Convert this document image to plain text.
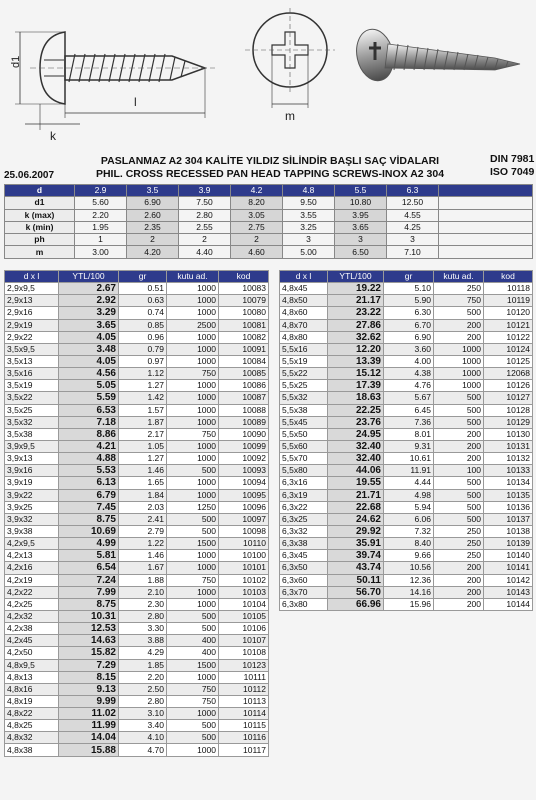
d1
l
k
m
PASLANMAZ A2 304 KALİTE YILDIZ SİLİNDİR BAŞLI SAÇ VİDALARI
PHIL. CROSS RECESSED PAN HEAD TAPPING SCREWS-INOX A2 304
25.06.2007
DIN 7981
ISO 7049
d	2.9	3.5	3.9	4.2	4.8	5.5	6.3	
d1	5.60	6.90	7.50	8.20	9.50	10.80	12.50	
k (max)	2.20	2.60	2.80	3.05	3.55	3.95	4.55	
k (min)	1.95	2.35	2.55	2.75	3.25	3.65	4.25	
ph	1	2	2	2	3	3	3	
m	3.00	4.20	4.40	4.60	5.00	6.50	7.10	
d x l	YTL/100	gr	kutu ad.	kod
2,9x9,5	2.67	0.51	1000	10083
2,9x13	2.92	0.63	1000	10079
2,9x16	3.29	0.74	1000	10080
2,9x19	3.65	0.85	2500	10081
2,9x22	4.05	0.96	1000	10082
3,5x9,5	3.48	0.79	1000	10091
3,5x13	4.05	0.97	1000	10084
3,5x16	4.56	1.12	750	10085
3,5x19	5.05	1.27	1000	10086
3,5x22	5.59	1.42	1000	10087
3,5x25	6.53	1.57	1000	10088
3,5x32	7.18	1.87	1000	10089
3,5x38	8.86	2.17	750	10090
3,9x9,5	4.21	1.05	1000	10099
3,9x13	4.88	1.27	1000	10092
3,9x16	5.53	1.46	500	10093
3,9x19	6.13	1.65	1000	10094
3,9x22	6.79	1.84	1000	10095
3,9x25	7.45	2.03	1250	10096
3,9x32	8.75	2.41	500	10097
3,9x38	10.69	2.79	500	10098
4,2x9,5	4.99	1.22	1500	10110
4,2x13	5.81	1.46	1000	10100
4,2x16	6.54	1.67	1000	10101
4,2x19	7.24	1.88	750	10102
4,2x22	7.99	2.10	1000	10103
4,2x25	8.75	2.30	1000	10104
4,2x32	10.31	2.80	500	10105
4,2x38	12.53	3.30	500	10106
4,2x45	14.63	3.88	400	10107
4,2x50	15.82	4.29	400	10108
4,8x9,5	7.29	1.85	1500	10123
4,8x13	8.15	2.20	1000	10111
4,8x16	9.13	2.50	750	10112
4,8x19	9.99	2.80	750	10113
4,8x22	11.02	3.10	1000	10114
4,8x25	11.99	3.40	500	10115
4,8x32	14.04	4.10	500	10116
4,8x38	15.88	4.70	1000	10117
d x l	YTL/100	gr	kutu ad.	kod
4,8x45	19.22	5.10	250	10118
4,8x50	21.17	5.90	750	10119
4,8x60	23.22	6.30	500	10120
4,8x70	27.86	6.70	200	10121
4,8x80	32.62	6.90	200	10122
5,5x16	12.20	3.60	1000	10124
5,5x19	13.39	4.00	1000	10125
5,5x22	15.12	4.38	1000	12068
5,5x25	17.39	4.76	1000	10126
5,5x32	18.63	5.67	500	10127
5,5x38	22.25	6.45	500	10128
5,5x45	23.76	7.36	500	10129
5,5x50	24.95	8.01	200	10130
5,5x60	32.40	9.31	200	10131
5,5x70	32.40	10.61	200	10132
5,5x80	44.06	11.91	100	10133
6,3x16	19.55	4.44	500	10134
6,3x19	21.71	4.98	500	10135
6,3x22	22.68	5.94	500	10136
6,3x25	24.62	6.06	500	10137
6,3x32	29.92	7.32	250	10138
6,3x38	35.91	8.40	250	10139
6,3x45	39.74	9.66	250	10140
6,3x50	43.74	10.56	200	10141
6,3x60	50.11	12.36	200	10142
6,3x70	56.70	14.16	200	10143
6,3x80	66.96	15.96	200	10144
